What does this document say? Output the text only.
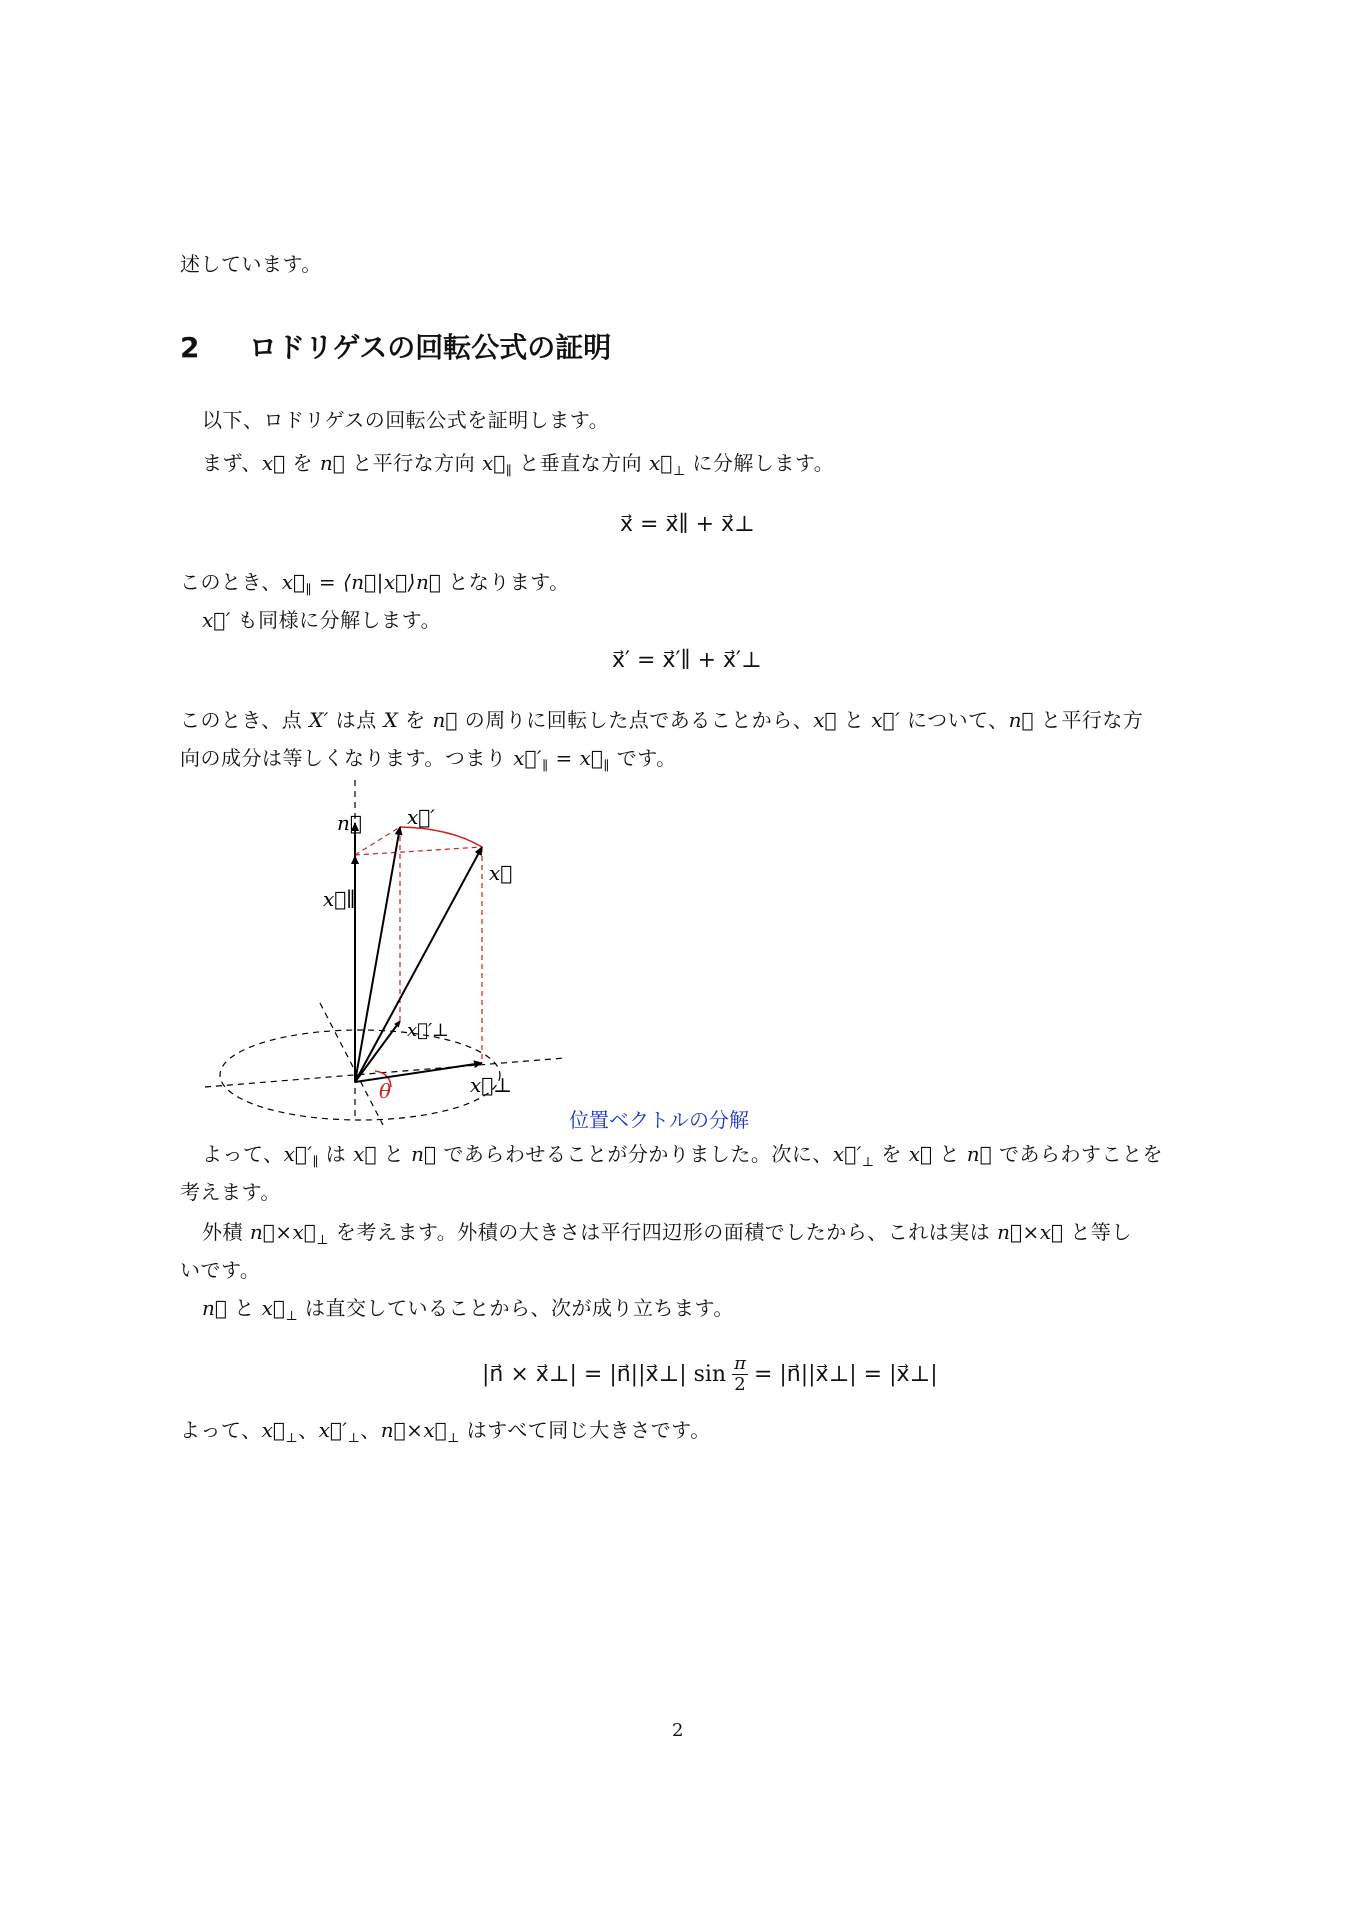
述しています。
2 ロドリゲスの回転公式の証明
以下、ロドリゲスの回転公式を証明します。
まず、x⃗ を n⃗ と平行な方向 $x⃗_\parallel$ と垂直な方向 $x⃗_\perp$ に分解します。
x⃗ = x⃗∥ + x⃗⊥
このとき、$x⃗_\parallel$ = ⟨n⃗|x⃗⟩n⃗ となります。
x⃗′ も同様に分解します。
x⃗′ = x⃗′∥ + x⃗′⊥
このとき、点 X′ は点 X を n⃗ の周りに回転した点であることから、x⃗ と x⃗′ について、n⃗ と平行な方
向の成分は等しくなります。つまり $x⃗'_\parallel$ = $x⃗_\parallel$ です。
n⃗ x⃗′
x⃗
x⃗∥
x⃗′⊥
x⃗⊥
θ
位置ベクトルの分解
よって、$x⃗'_\parallel$ は x⃗ と n⃗ であらわせることが分かりました。次に、$x⃗'_\perp$ を x⃗ と n⃗ であらわすことを
考えます。
外積 $n⃗\times x⃗_\perp$ を考えます。外積の大きさは平行四辺形の面積でしたから、これは実は n⃗×x⃗ と等し
いです。
n⃗ と $x⃗_\perp$ は直交していることから、次が成り立ちます。
|n⃗ × x⃗⊥| = |n⃗||x⃗⊥| $\sin \frac{\pi}{2}$ = |n⃗||x⃗⊥| = |x⃗⊥|
よって、$x⃗_\perp$、$x⃗'_\perp$、$n⃗\times x⃗_\perp$ はすべて同じ大きさです。
2
